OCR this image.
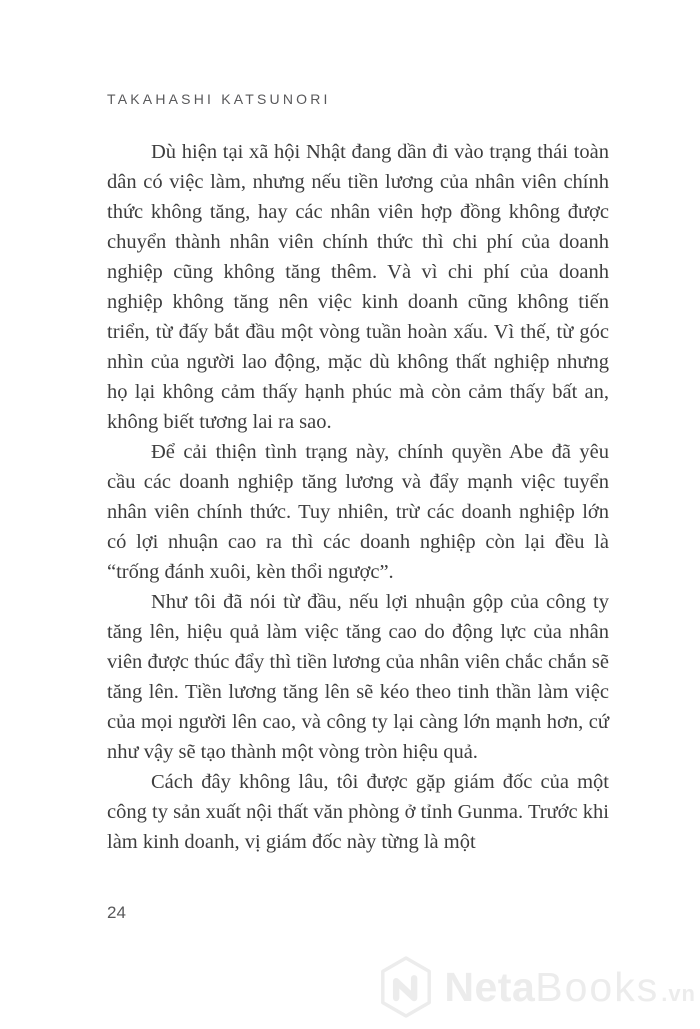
TAKAHASHI KATSUNORI

Dù hiện tại xã hội Nhật đang dần đi vào trạng thái toàn dân có việc làm, nhưng nếu tiền lương của nhân viên chính thức không tăng, hay các nhân viên hợp đồng không được chuyển thành nhân viên chính thức thì chi phí của doanh nghiệp cũng không tăng thêm. Và vì chi phí của doanh nghiệp không tăng nên việc kinh doanh cũng không tiến triển, từ đấy bắt đầu một vòng tuần hoàn xấu. Vì thế, từ góc nhìn của người lao động, mặc dù không thất nghiệp nhưng họ lại không cảm thấy hạnh phúc mà còn cảm thấy bất an, không biết tương lai ra sao.

Để cải thiện tình trạng này, chính quyền Abe đã yêu cầu các doanh nghiệp tăng lương và đẩy mạnh việc tuyển nhân viên chính thức. Tuy nhiên, trừ các doanh nghiệp lớn có lợi nhuận cao ra thì các doanh nghiệp còn lại đều là “trống đánh xuôi, kèn thổi ngược”.

Như tôi đã nói từ đầu, nếu lợi nhuận gộp của công ty tăng lên, hiệu quả làm việc tăng cao do động lực của nhân viên được thúc đẩy thì tiền lương của nhân viên chắc chắn sẽ tăng lên. Tiền lương tăng lên sẽ kéo theo tinh thần làm việc của mọi người lên cao, và công ty lại càng lớn mạnh hơn, cứ như vậy sẽ tạo thành một vòng tròn hiệu quả.

Cách đây không lâu, tôi được gặp giám đốc của một công ty sản xuất nội thất văn phòng ở tỉnh Gunma. Trước khi làm kinh doanh, vị giám đốc này từng là một

24
Neta Books .vn
